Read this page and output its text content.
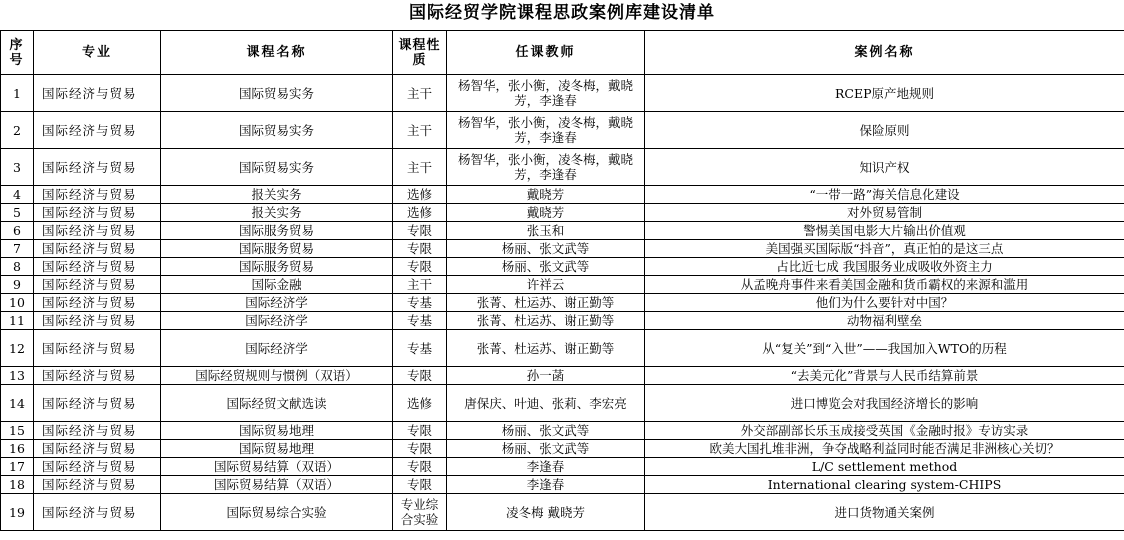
国际经贸学院课程思政案例库建设清单
序号	专业	课程名称	课程性质	任课教师	案例名称
1	国际经济与贸易	国际贸易实务	主干	杨智华，张小衡，凌冬梅，戴晓芳，李逢春	RCEP原产地规则
2	国际经济与贸易	国际贸易实务	主干	杨智华，张小衡，凌冬梅，戴晓芳，李逢春	保险原则
3	国际经济与贸易	国际贸易实务	主干	杨智华，张小衡，凌冬梅，戴晓芳，李逢春	知识产权
4	国际经济与贸易	报关实务	选修	戴晓芳	“一带一路”海关信息化建设
5	国际经济与贸易	报关实务	选修	戴晓芳	对外贸易管制
6	国际经济与贸易	国际服务贸易	专限	张玉和	警惕美国电影大片输出价值观
7	国际经济与贸易	国际服务贸易	专限	杨丽、张文武等	美国强买国际版“抖音”，真正怕的是这三点
8	国际经济与贸易	国际服务贸易	专限	杨丽、张文武等	占比近七成 我国服务业成吸收外资主力
9	国际经济与贸易	国际金融	主干	许祥云	从孟晚舟事件来看美国金融和货币霸权的来源和滥用
10	国际经济与贸易	国际经济学	专基	张菁、杜运苏、谢正勤等	他们为什么要针对中国？
11	国际经济与贸易	国际经济学	专基	张菁、杜运苏、谢正勤等	动物福利壁垒
12	国际经济与贸易	国际经济学	专基	张菁、杜运苏、谢正勤等	从“复关”到“入世”——我国加入WTO的历程
13	国际经济与贸易	国际经贸规则与惯例（双语）	专限	孙一菡	“去美元化”背景与人民币结算前景
14	国际经济与贸易	国际经贸文献选读	选修	唐保庆、叶迪、张莉、李宏亮	进口博览会对我国经济增长的影响
15	国际经济与贸易	国际贸易地理	专限	杨丽、张文武等	外交部副部长乐玉成接受英国《金融时报》专访实录
16	国际经济与贸易	国际贸易地理	专限	杨丽、张文武等	欧美大国扎堆非洲，争夺战略利益同时能否满足非洲核心关切？
17	国际经济与贸易	国际贸易结算（双语）	专限	李逢春	L/C settlement method
18	国际经济与贸易	国际贸易结算（双语）	专限	李逢春	International clearing system-CHIPS
19	国际经济与贸易	国际贸易综合实验	专业综合实验	凌冬梅 戴晓芳	进口货物通关案例
